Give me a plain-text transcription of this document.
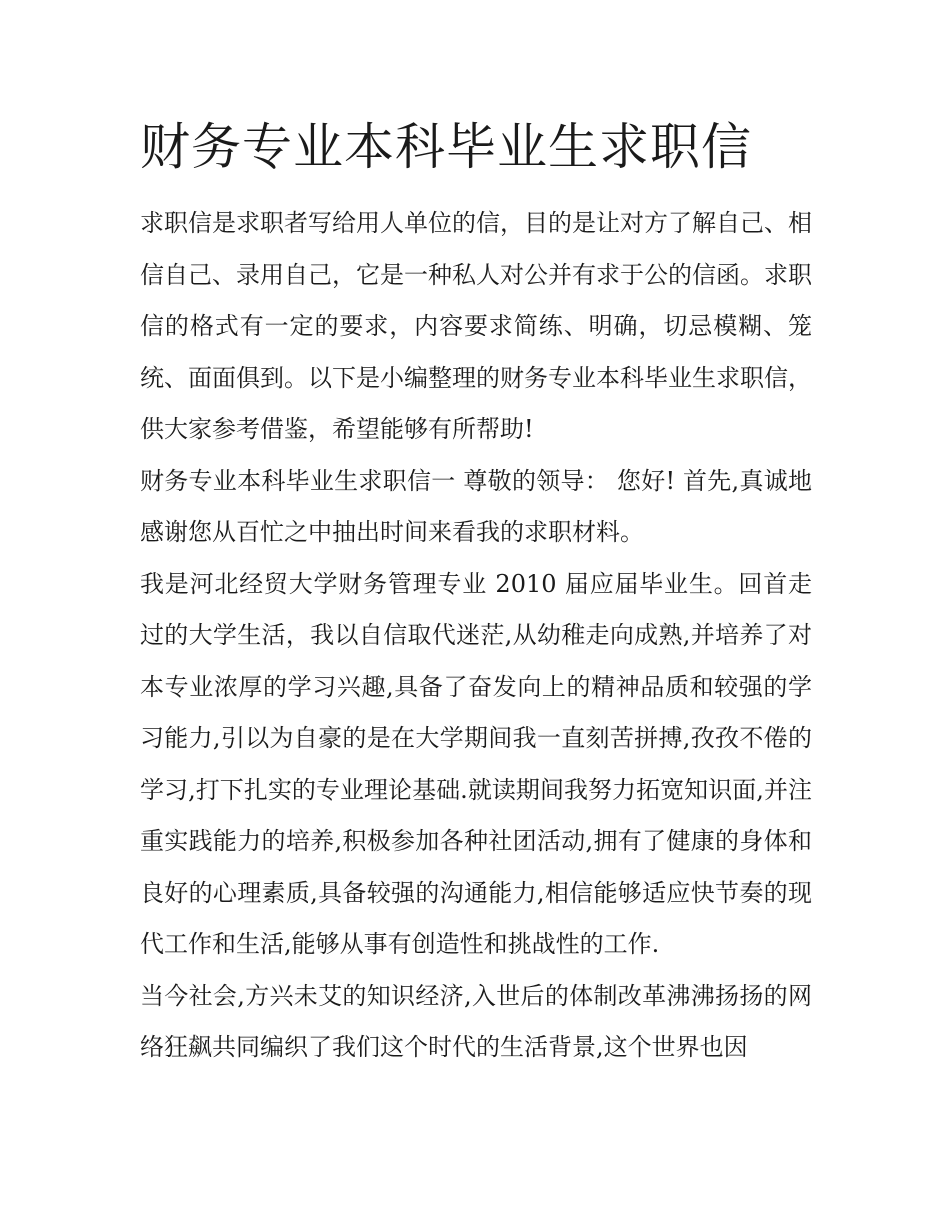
财务专业本科毕业生求职信

求职信是求职者写给用人单位的信，目的是让对方了解自己、相信自己、录用自己，它是一种私人对公并有求于公的信函。求职信的格式有一定的要求，内容要求简练、明确，切忌模糊、笼统、面面俱到。以下是小编整理的财务专业本科毕业生求职信，供大家参考借鉴，希望能够有所帮助!

财务专业本科毕业生求职信一 尊敬的领导： 您好! 首先,真诚地感谢您从百忙之中抽出时间来看我的求职材料。

我是河北经贸大学财务管理专业 2010 届应届毕业生。回首走过的大学生活，我以自信取代迷茫,从幼稚走向成熟,并培养了对本专业浓厚的学习兴趣,具备了奋发向上的精神品质和较强的学习能力,引以为自豪的是在大学期间我一直刻苦拼搏,孜孜不倦的学习,打下扎实的专业理论基础.就读期间我努力拓宽知识面,并注重实践能力的培养,积极参加各种社团活动,拥有了健康的身体和良好的心理素质,具备较强的沟通能力,相信能够适应快节奏的现代工作和生活,能够从事有创造性和挑战性的工作.

当今社会,方兴未艾的知识经济,入世后的体制改革沸沸扬扬的网络狂飙共同编织了我们这个时代的生活背景,这个世界也因
